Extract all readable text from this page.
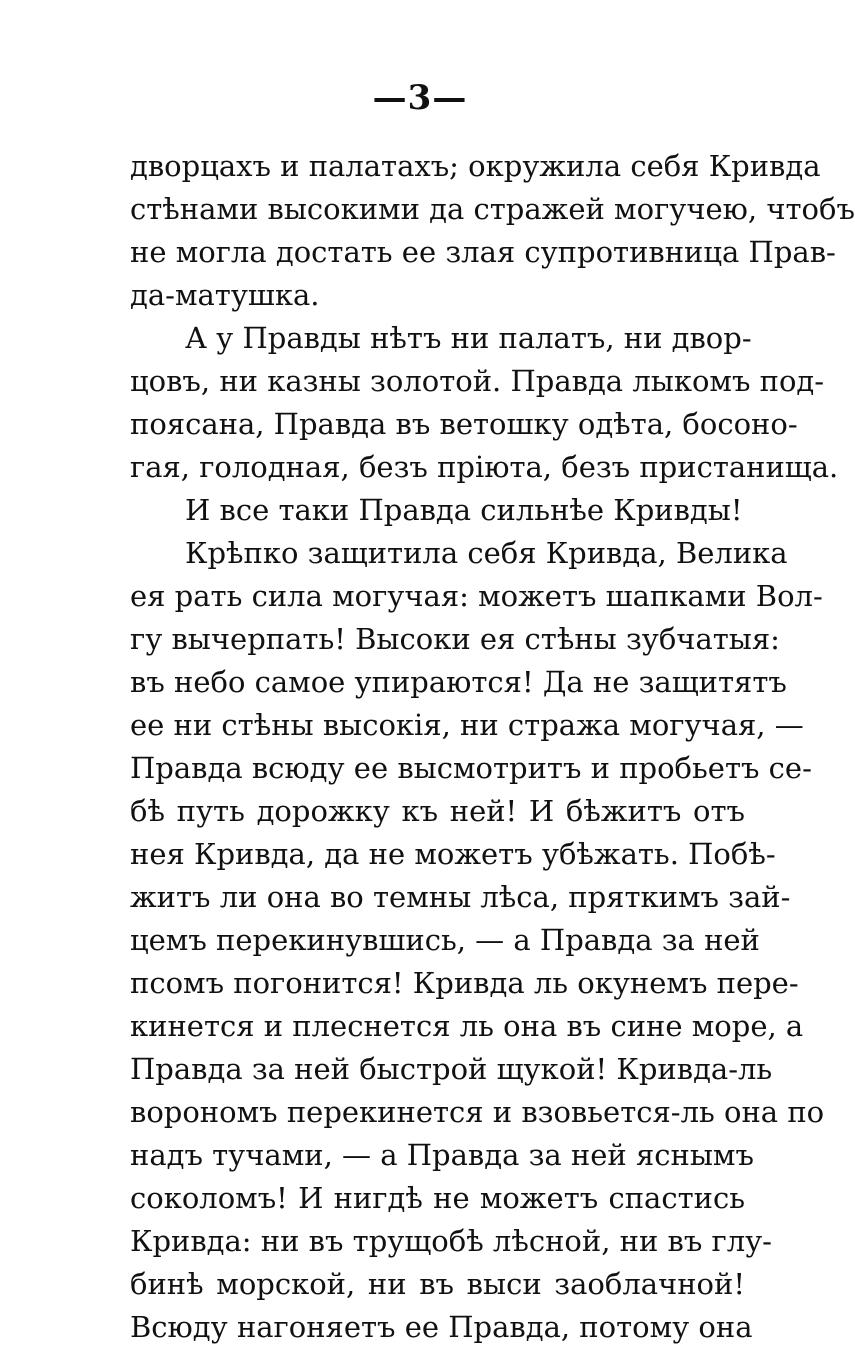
—3—
дворцахъ и палатахъ; окружила себя Кривда
стѣнами высокими да стражей могучею, чтобъ
не могла достать ее злая супротивница Прав-
да-матушка.
А у Правды нѣтъ ни палатъ, ни двор-
цовъ, ни казны золотой. Правда лыкомъ под-
поясана, Правда въ ветошку одѣта, босоно-
гая, голодная, безъ прiюта, безъ пристанища.
И все таки Правда сильнѣе Кривды!
Крѣпко защитила себя Кривда, Велика
ея рать сила могучая: можетъ шапками Вол-
гу вычерпать! Высоки ея стѣны зубчатыя:
въ небо самое упираются! Да не защитятъ
ее ни стѣны высокiя, ни стража могучая, —
Правда всюду ее высмотритъ и пробьетъ се-
бѣ путь дорожку къ ней! И бѣжитъ отъ
нея Кривда, да не можетъ убѣжать. Побѣ-
житъ ли она во темны лѣса, пряткимъ зай-
цемъ перекинувшись, — а Правда за ней
псомъ погонится! Кривда ль окунемъ пере-
кинется и плеснется ль она въ сине море, а
Правда за ней быстрой щукой! Кривда-ль
ворономъ перекинется и взовьется-ль она по
надъ тучами, — а Правда за ней яснымъ
соколомъ! И нигдѣ не можетъ спастись
Кривда: ни въ трущобѣ лѣсной, ни въ глу-
бинѣ морской, ни въ выси заоблачной!
Всюду нагоняетъ ее Правда, потому она
